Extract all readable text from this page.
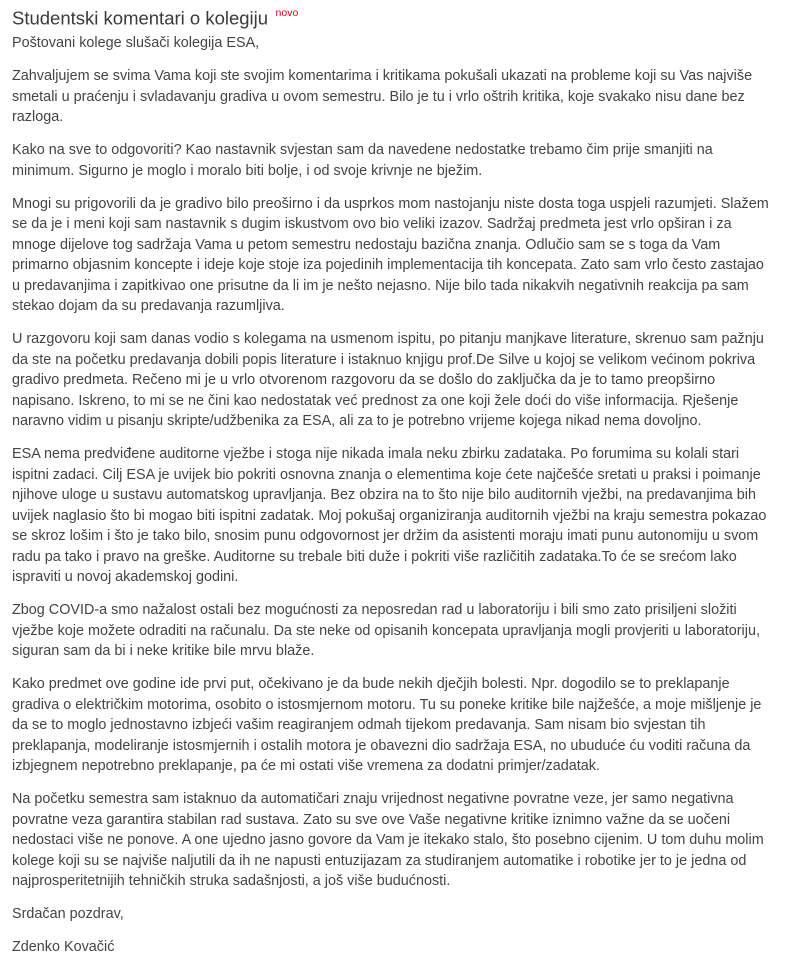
Studentski komentari o kolegiju $^{novo}$

Poštovani kolege slušači kolegija ESA,

Zahvaljujem se svima Vama koji ste svojim komentarima i kritikama pokušali ukazati na probleme koji su Vas najviše
smetali u praćenju i svladavanju gradiva u ovom semestru. Bilo je tu i vrlo oštrih kritika, koje svakako nisu dane bez
razloga.

Kako na sve to odgovoriti? Kao nastavnik svjestan sam da navedene nedostatke trebamo čim prije smanjiti na
minimum. Sigurno je moglo i moralo biti bolje, i od svoje krivnje ne bježim.

Mnogi su prigovorili da je gradivo bilo preoširno i da usprkos mom nastojanju niste dosta toga uspjeli razumjeti. Slažem
se da je i meni koji sam nastavnik s dugim iskustvom ovo bio veliki izazov. Sadržaj predmeta jest vrlo opširan i za
mnoge dijelove tog sadržaja Vama u petom semestru nedostaju bazična znanja. Odlučio sam se s toga da Vam
primarno objasnim koncepte i ideje koje stoje iza pojedinih implementacija tih koncepata. Zato sam vrlo često zastajao
u predavanjima i zapitkivao one prisutne da li im je nešto nejasno. Nije bilo tada nikakvih negativnih reakcija pa sam
stekao dojam da su predavanja razumljiva.

U razgovoru koji sam danas vodio s kolegama na usmenom ispitu, po pitanju manjkave literature, skrenuo sam pažnju
da ste na početku predavanja dobili popis literature i istaknuo knjigu prof.De Silve u kojoj se velikom većinom pokriva
gradivo predmeta. Rečeno mi je u vrlo otvorenom razgovoru da se došlo do zaključka da je to tamo preopširno
napisano. Iskreno, to mi se ne čini kao nedostatak već prednost za one koji žele doći do više informacija. Rješenje
naravno vidim u pisanju skripte/udžbenika za ESA, ali za to je potrebno vrijeme kojega nikad nema dovoljno.

ESA nema predviđene auditorne vježbe i stoga nije nikada imala neku zbirku zadataka. Po forumima su kolali stari
ispitni zadaci. Cilj ESA je uvijek bio pokriti osnovna znanja o elementima koje ćete najčešće sretati u praksi i poimanje
njihove uloge u sustavu automatskog upravljanja. Bez obzira na to što nije bilo auditornih vježbi, na predavanjima bih
uvijek naglasio što bi mogao biti ispitni zadatak. Moj pokušaj organiziranja auditornih vježbi na kraju semestra pokazao
se skroz lošim i što je tako bilo, snosim punu odgovornost jer držim da asistenti moraju imati punu autonomiju u svom
radu pa tako i pravo na greške. Auditorne su trebale biti duže i pokriti više različitih zadataka.To će se srećom lako
ispraviti u novoj akademskoj godini.

Zbog COVID-a smo nažalost ostali bez mogućnosti za neposredan rad u laboratoriju i bili smo zato prisiljeni složiti
vježbe koje možete odraditi na računalu. Da ste neke od opisanih koncepata upravljanja mogli provjeriti u laboratoriju,
siguran sam da bi i neke kritike bile mrvu blaže.

Kako predmet ove godine ide prvi put, očekivano je da bude nekih dječjih bolesti. Npr. dogodilo se to preklapanje
gradiva o električkim motorima, osobito o istosmjernom motoru. Tu su poneke kritike bile najžešće, a moje mišljenje je
da se to moglo jednostavno izbjeći vašim reagiranjem odmah tijekom predavanja. Sam nisam bio svjestan tih
preklapanja, modeliranje istosmjernih i ostalih motora je obavezni dio sadržaja ESA, no ubuduće ću voditi računa da
izbjegnem nepotrebno preklapanje, pa će mi ostati više vremena za dodatni primjer/zadatak.

Na početku semestra sam istaknuo da automatičari znaju vrijednost negativne povratne veze, jer samo negativna
povratne veza garantira stabilan rad sustava. Zato su sve ove Vaše negativne kritike iznimno važne da se uočeni
nedostaci više ne ponove. A one ujedno jasno govore da Vam je itekako stalo, što posebno cijenim. U tom duhu molim
kolege koji su se najviše naljutili da ih ne napusti entuzijazam za studiranjem automatike i robotike jer to je jedna od
najprosperitetnijih tehničkih struka sadašnjosti, a još više budućnosti.

Srdačan pozdrav,

Zdenko Kovačić
